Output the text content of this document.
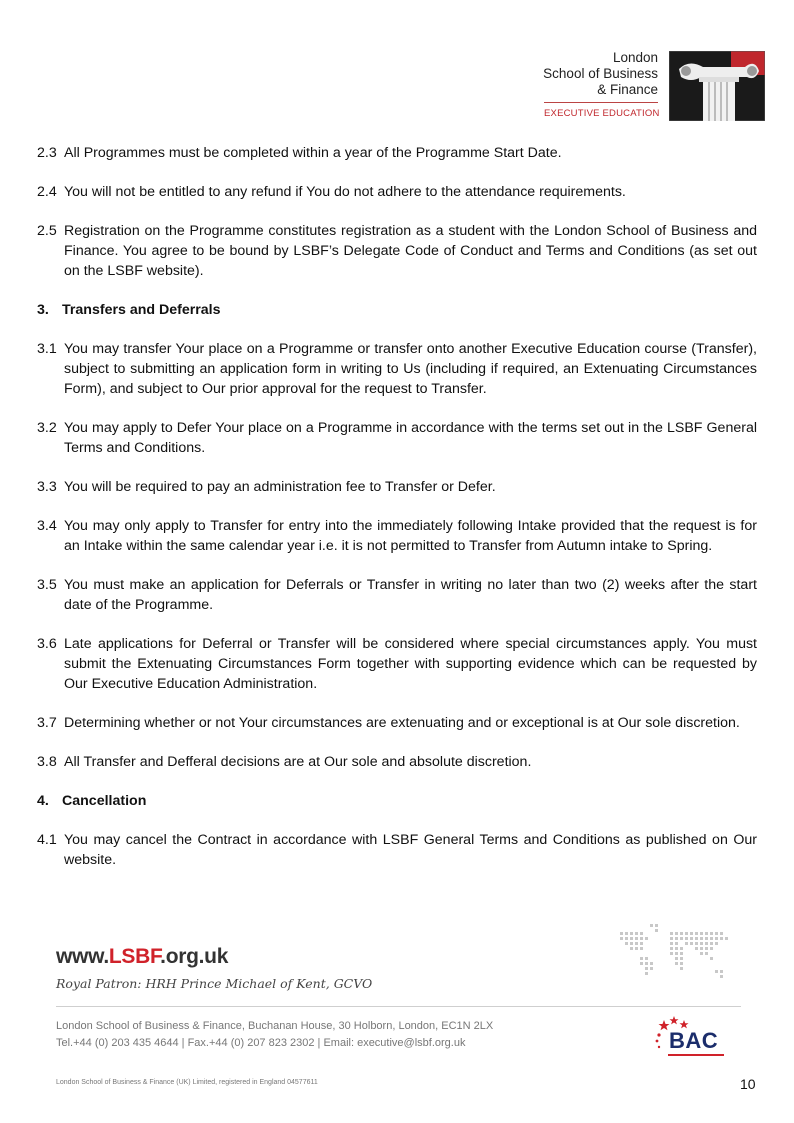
London
School of Business
& Finance
EXECUTIVE EDUCATION
2.3 All Programmes must be completed within a year of the Programme Start Date.
2.4 You will not be entitled to any refund if You do not adhere to the attendance requirements.
2.5 Registration on the Programme constitutes registration as a student with the London School of Business and Finance. You agree to be bound by LSBF’s Delegate Code of Conduct and Terms and Conditions (as set out on the LSBF website).
3. Transfers and Deferrals
3.1 You may transfer Your place on a Programme or transfer onto another Executive Education course (Transfer), subject to submitting an application form in writing to Us (including if required, an Extenuating Circumstances Form), and subject to Our prior approval for the request to Transfer.
3.2 You may apply to Defer Your place on a Programme in accordance with the terms set out in the LSBF General Terms and Conditions.
3.3 You will be required to pay an administration fee to Transfer or Defer.
3.4 You may only apply to Transfer for entry into the immediately following Intake provided that the request is for an Intake within the same calendar year i.e. it is not permitted to Transfer from Autumn intake to Spring.
3.5 You must make an application for Deferrals or Transfer in writing no later than two (2) weeks after the start date of the Programme.
3.6 Late applications for Deferral or Transfer will be considered where special circumstances apply. You must submit the Extenuating Circumstances Form together with supporting evidence which can be requested by Our Executive Education Administration.
3.7 Determining whether or not Your circumstances are extenuating and or exceptional is at Our sole discretion.
3.8 All Transfer and Defferal decisions are at Our sole and absolute discretion.
4. Cancellation
4.1 You may cancel the Contract in accordance with LSBF General Terms and Conditions as published on Our website.
www.LSBF.org.uk
Royal Patron: HRH Prince Michael of Kent, GCVO
London School of Business & Finance, Buchanan House, 30 Holborn, London, EC1N 2LX
Tel.+44 (0) 203 435 4644 | Fax.+44 (0) 207 823 2302 | Email: executive@lsbf.org.uk	BAC
London School of Business & Finance (UK) Limited, registered in England 04577611	10
